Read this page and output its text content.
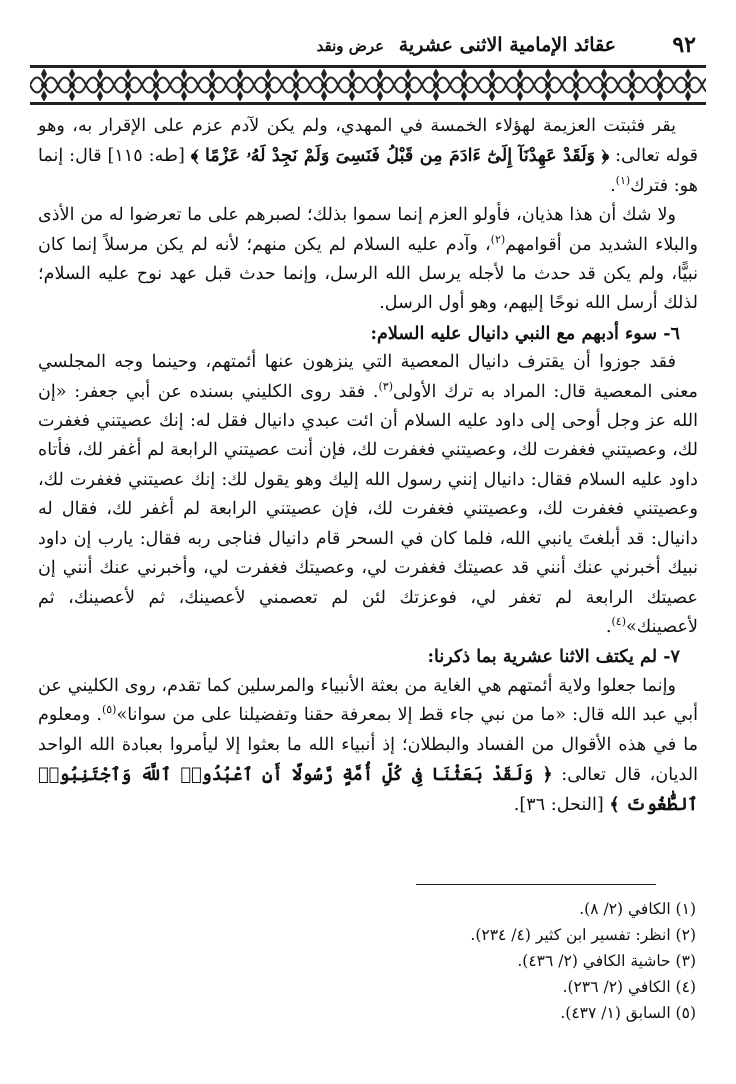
٩٢
عقائد الإمامية الاثنى عشرية عرض ونقد

يقر فثبتت العزيمة لهؤلاء الخمسة في المهدي، ولم يكن لآدم عزم على الإقرار به، وهو قوله تعالى: ﴿ وَلَقَدْ عَهِدْنَآ إِلَىٰٓ ءَادَمَ مِن قَبْلُ فَنَسِىَ وَلَمْ نَجِدْ لَهُۥ عَزْمًا ﴾ [طه: ١١٥] قال: إنما هو: فترك$^{(١)}$.

ولا شك أن هذا هذيان، فأولو العزم إنما سموا بذلك؛ لصبرهم على ما تعرضوا له من الأذى والبلاء الشديد من أقوامهم$^{(٢)}$، وآدم عليه السلام لم يكن منهم؛ لأنه لم يكن مرسلاً إنما كان نبيًّا، ولم يكن قد حدث ما لأجله يرسل الله الرسل، وإنما حدث قبل عهد نوح عليه السلام؛ لذلك أرسل الله نوحًا إليهم، وهو أول الرسل.

٦- سوء أدبهم مع النبي دانيال عليه السلام:

فقد جوزوا أن يقترف دانيال المعصية التي ينزهون عنها أئمتهم، وحينما وجه المجلسي معنى المعصية قال: المراد به ترك الأولى$^{(٣)}$. فقد روى الكليني بسنده عن أبي جعفر: «إن الله عز وجل أوحى إلى داود عليه السلام أن ائت عبدي دانيال فقل له: إنك عصيتني فغفرت لك، وعصيتني فغفرت لك، وعصيتني فغفرت لك، فإن أنت عصيتني الرابعة لم أغفر لك، فأتاه داود عليه السلام فقال: دانيال إنني رسول الله إليك وهو يقول لك: إنك عصيتني فغفرت لك، وعصيتني فغفرت لك، وعصيتني فغفرت لك، فإن عصيتني الرابعة لم أغفر لك، فقال له دانيال: قد أبلغتَ يانبي الله، فلما كان في السحر قام دانيال فناجى ربه فقال: يارب إن داود نبيك أخبرني عنك أنني قد عصيتك فغفرت لي، وعصيتك فغفرت لي، وأخبرني عنك أنني إن عصيتك الرابعة لم تغفر لي، فوعزتك لئن لم تعصمني لأعصينك، ثم لأعصينك، ثم لأعصينك»$^{(٤)}$.

٧- لم يكتف الاثنا عشرية بما ذكرنا:

وإنما جعلوا ولاية أئمتهم هي الغاية من بعثة الأنبياء والمرسلين كما تقدم، روى الكليني عن أبي عبد الله قال: «ما من نبي جاء قط إلا بمعرفة حقنا وتفضيلنا على من سوانا»$^{(٥)}$. ومعلوم ما في هذه الأقوال من الفساد والبطلان؛ إذ أنبياء الله ما بعثوا إلا ليأمروا بعبادة الله الواحد الديان، قال تعالى: ﴿ وَلَقَدْ بَعَثْنَا فِى كُلِّ أُمَّةٍ رَّسُولًا أَنِ ٱعْبُدُوا۟ ٱللَّهَ وَٱجْتَنِبُوا۟ ٱلطَّٰغُوتَ ﴾ [النحل: ٣٦].

(١) الكافي (٢/ ٨).
(٢) انظر: تفسير ابن كثير (٤/ ٢٣٤).
(٣) حاشية الكافي (٢/ ٤٣٦).
(٤) الكافي (٢/ ٢٣٦).
(٥) السابق (١/ ٤٣٧).
